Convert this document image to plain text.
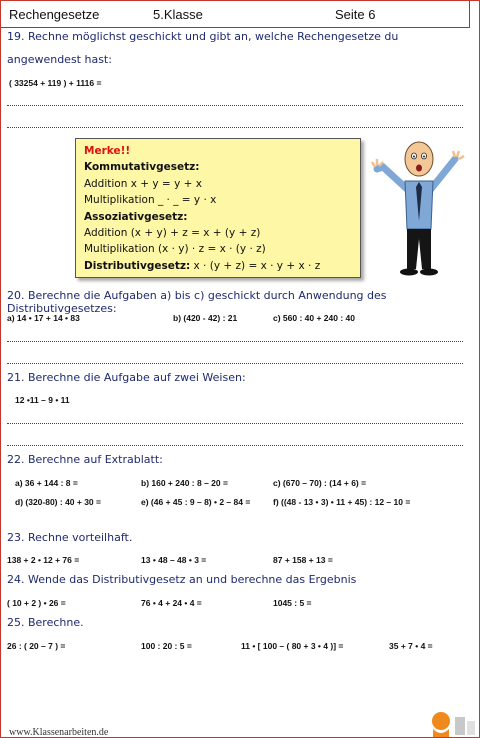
Rechengesetze	5.Klasse	Seite 6
19. Rechne möglichst geschickt und gibt an, welche Rechengesetze du
angewendest hast:
( 33254 + 119 ) + 1116 =
Merke!!
Kommutativgesetz:
Addition x + y = y + x
Multiplikation _ · _ = y · x
Assoziativgesetz:
Addition (x + y) + z = x + (y + z)
Multiplikation (x · y) · z = x · (y · z)
Distributivgesetz: x · (y + z) = x · y + x · z
20. Berechne die Aufgaben a) bis c) geschickt durch Anwendung des Distributivgesetzes:
a) 14 • 17 + 14 • 83	b) (420 - 42) : 21	c) 560 : 40 + 240 : 40
21. Berechne die Aufgabe auf zwei Weisen:
12 •11 – 9 • 11
22. Berechne auf Extrablatt:
a) 36 + 144 : 8 =	b) 160 + 240 : 8 – 20 =	c) (670 – 70) : (14 + 6) =
d) (320-80) : 40 + 30 =	e) (46 + 45 : 9 – 8) • 2 – 84 =	f) ((48 - 13 • 3) • 11 + 45) : 12 – 10 =
23. Rechne vorteilhaft.
138 + 2 • 12 + 76 =	13 • 48 – 48 • 3 =	87 + 158 + 13 =
24. Wende das Distributivgesetz an und berechne das Ergebnis
( 10 + 2 ) • 26 =	76 • 4 + 24 • 4 =	1045 : 5 =
25. Berechne.
26 : ( 20 – 7 ) =	100 : 20 : 5 =	11 • [ 100 – ( 80 + 3 • 4 )] =	35 + 7 • 4 =
www.Klassenarbeiten.de
